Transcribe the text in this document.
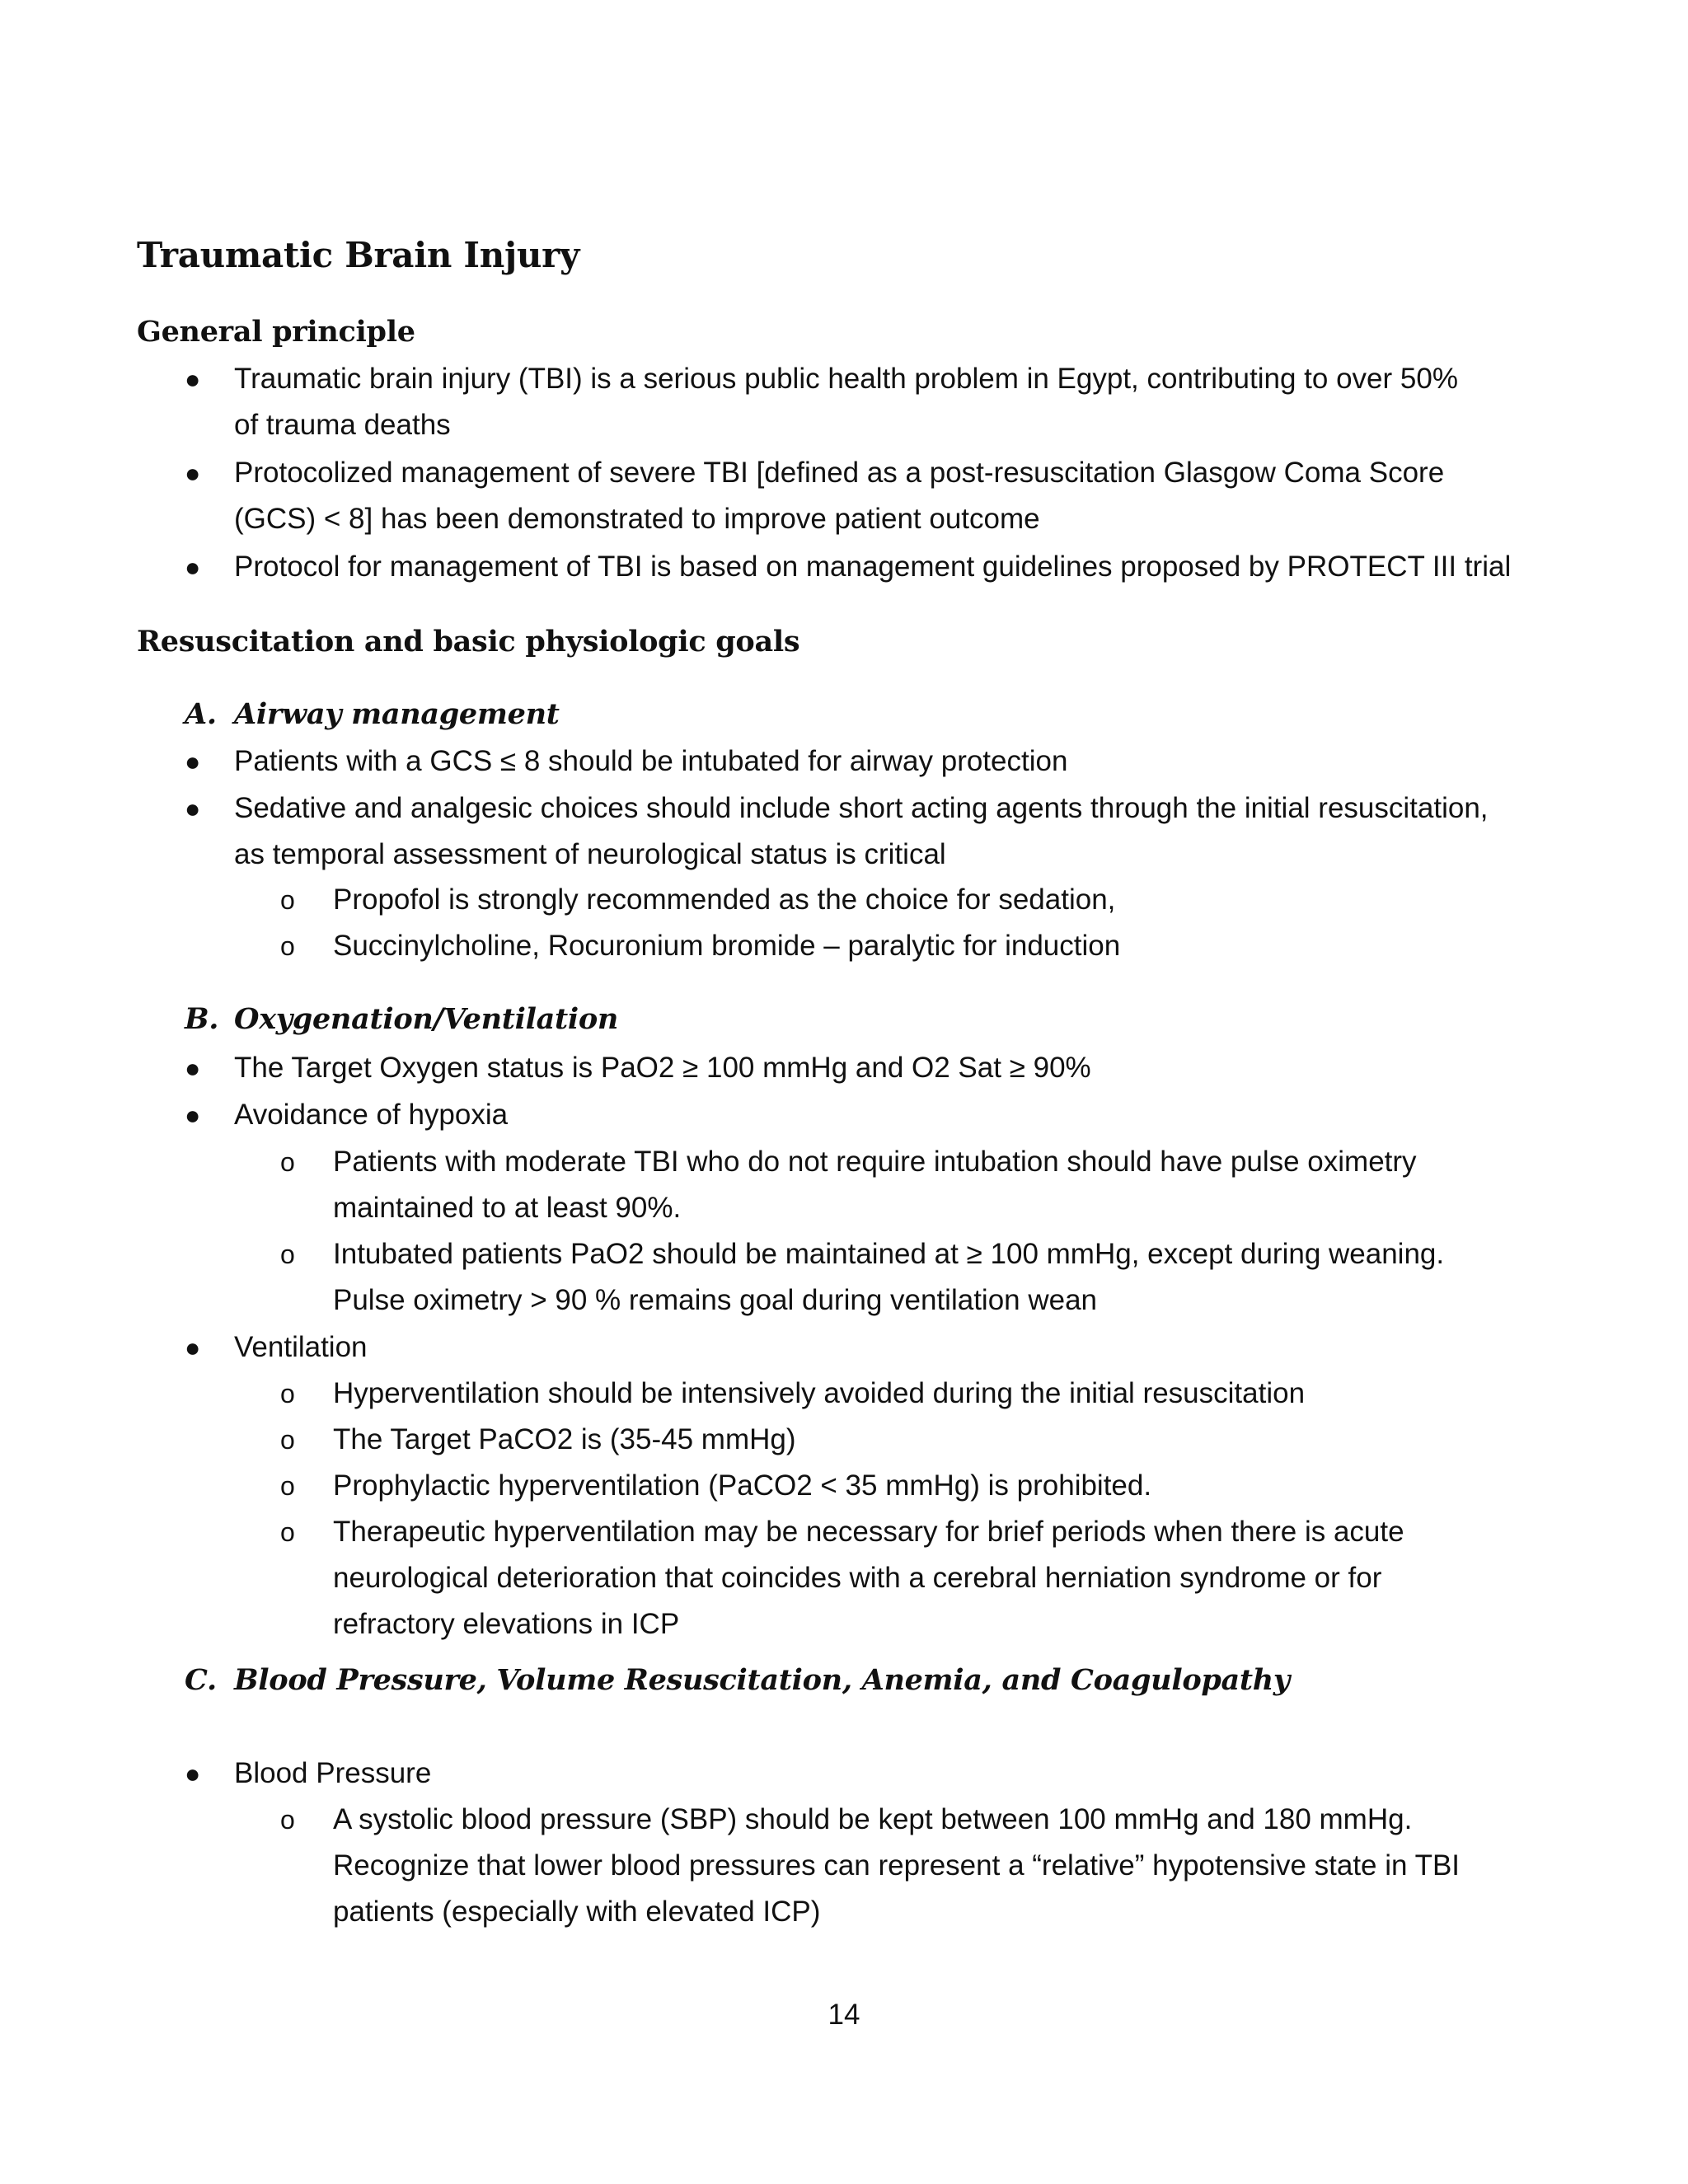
Traumatic Brain Injury
General principle
●	Traumatic brain injury (TBI) is a serious public health problem in Egypt, contributing to over 50%
of trauma deaths
●	Protocolized management of severe TBI [defined as a post-resuscitation Glasgow Coma Score
(GCS) < 8] has been demonstrated to improve patient outcome
●	Protocol for management of TBI is based on management guidelines proposed by PROTECT III trial
Resuscitation and basic physiologic goals
A. Airway management
●	Patients with a GCS ≤ 8 should be intubated for airway protection
●	Sedative and analgesic choices should include short acting agents through the initial resuscitation,
as temporal assessment of neurological status is critical
o	Propofol is strongly recommended as the choice for sedation,
o	Succinylcholine, Rocuronium bromide – paralytic for induction
B. Oxygenation/Ventilation
●	The Target Oxygen status is PaO2 ≥ 100 mmHg and O2 Sat ≥ 90%
●	Avoidance of hypoxia
o	Patients with moderate TBI who do not require intubation should have pulse oximetry
maintained to at least 90%.
o	Intubated patients PaO2 should be maintained at ≥ 100 mmHg, except during weaning.
Pulse oximetry > 90 % remains goal during ventilation wean
●	Ventilation
o	Hyperventilation should be intensively avoided during the initial resuscitation
o	The Target PaCO2 is (35-45 mmHg)
o	Prophylactic hyperventilation (PaCO2 < 35 mmHg) is prohibited.
o	Therapeutic hyperventilation may be necessary for brief periods when there is acute
neurological deterioration that coincides with a cerebral herniation syndrome or for
refractory elevations in ICP
C. Blood Pressure, Volume Resuscitation, Anemia, and Coagulopathy
●	Blood Pressure
o	A systolic blood pressure (SBP) should be kept between 100 mmHg and 180 mmHg.
Recognize that lower blood pressures can represent a “relative” hypotensive state in TBI
patients (especially with elevated ICP)
14
